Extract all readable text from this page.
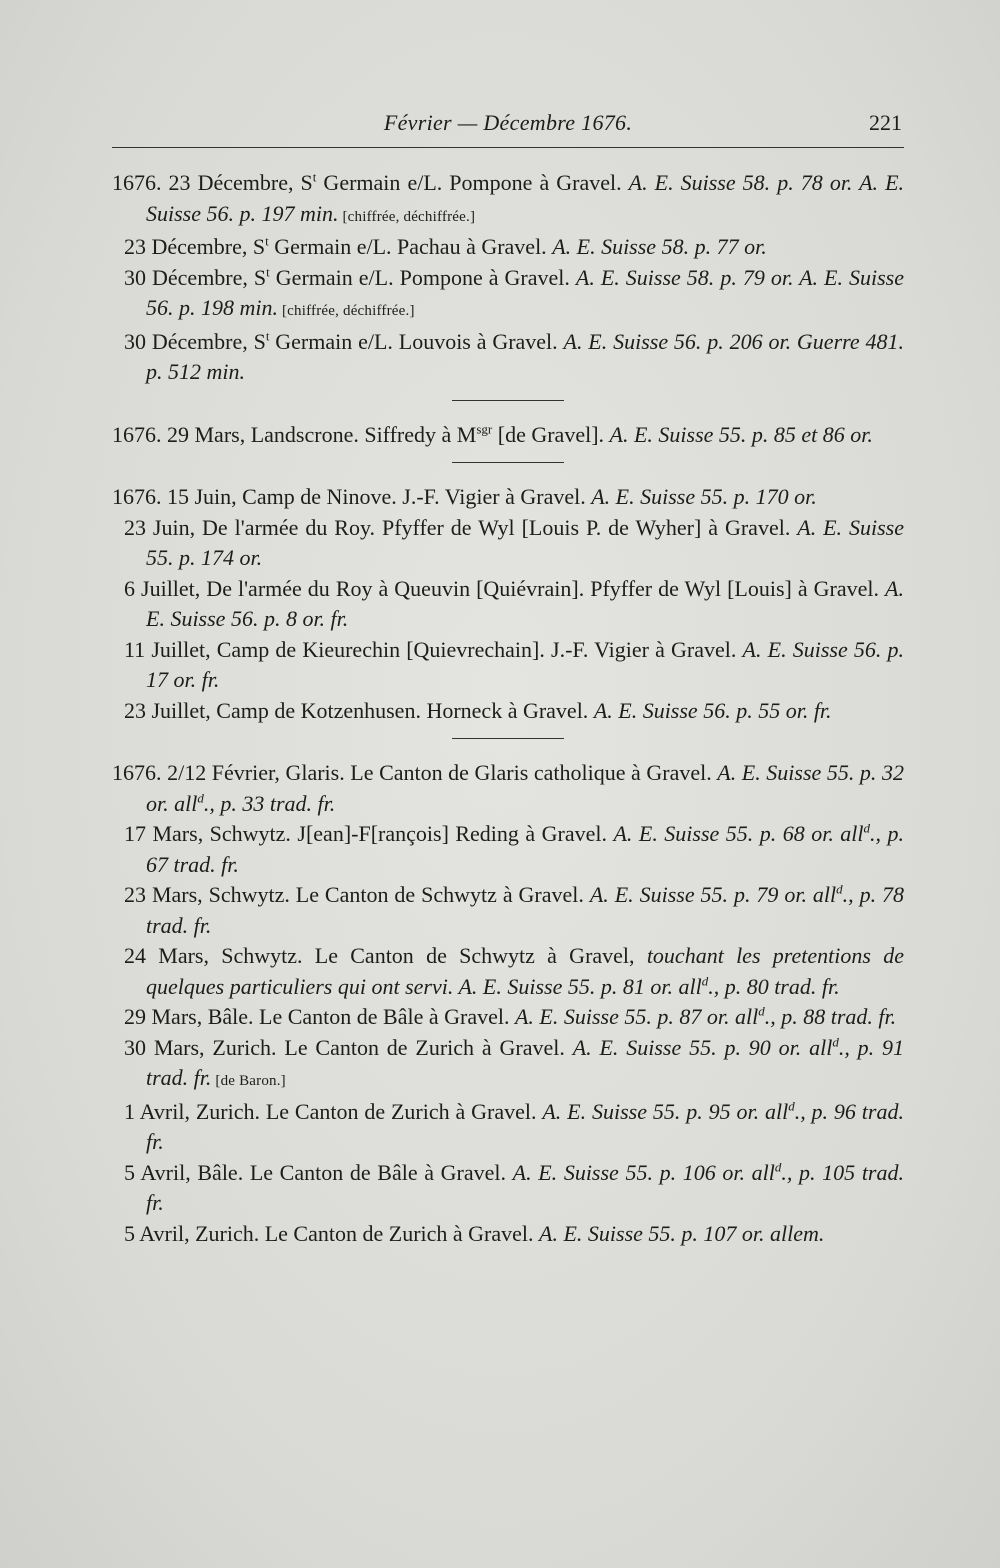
Février — Décembre 1676.	221

1676. 23 Décembre, $S^t$ Germain e/L. Pompone à Gravel. A. E. Suisse 58. p. 78 or. A. E. Suisse 56. p. 197 min. [chiffrée, déchiffrée.]

23 Décembre, $S^t$ Germain e/L. Pachau à Gravel. A. E. Suisse 58. p. 77 or.

30 Décembre, $S^t$ Germain e/L. Pompone à Gravel. A. E. Suisse 58. p. 79 or. A. E. Suisse 56. p. 198 min. [chiffrée, déchiffrée.]

30 Décembre, $S^t$ Germain e/L. Louvois à Gravel. A. E. Suisse 56. p. 206 or. Guerre 481. p. 512 min.

1676. 29 Mars, Landscrone. Siffredy à $M^{sgr}$ [de Gravel]. A. E. Suisse 55. p. 85 et 86 or.

1676. 15 Juin, Camp de Ninove. J.-F. Vigier à Gravel. A. E. Suisse 55. p. 170 or.

23 Juin, De l'armée du Roy. Pfyffer de Wyl [Louis P. de Wyher] à Gravel. A. E. Suisse 55. p. 174 or.

6 Juillet, De l'armée du Roy à Queuvin [Quiévrain]. Pfyffer de Wyl [Louis] à Gravel. A. E. Suisse 56. p. 8 or. fr.

11 Juillet, Camp de Kieurechin [Quievrechain]. J.-F. Vigier à Gravel. A. E. Suisse 56. p. 17 or. fr.

23 Juillet, Camp de Kotzenhusen. Horneck à Gravel. A. E. Suisse 56. p. 55 or. fr.

1676. 2/12 Février, Glaris. Le Canton de Glaris catholique à Gravel. A. E. Suisse 55. p. 32 or. all$^d$., p. 33 trad. fr.

17 Mars, Schwytz. J[ean]-F[rançois] Reding à Gravel. A. E. Suisse 55. p. 68 or. all$^d$., p. 67 trad. fr.

23 Mars, Schwytz. Le Canton de Schwytz à Gravel. A. E. Suisse 55. p. 79 or. all$^d$., p. 78 trad. fr.

24 Mars, Schwytz. Le Canton de Schwytz à Gravel, touchant les pretentions de quelques particuliers qui ont servi. A. E. Suisse 55. p. 81 or. all$^d$., p. 80 trad. fr.

29 Mars, Bâle. Le Canton de Bâle à Gravel. A. E. Suisse 55. p. 87 or. all$^d$., p. 88 trad. fr.

30 Mars, Zurich. Le Canton de Zurich à Gravel. A. E. Suisse 55. p. 90 or. all$^d$., p. 91 trad. fr. [de Baron.]

1 Avril, Zurich. Le Canton de Zurich à Gravel. A. E. Suisse 55. p. 95 or. all$^d$., p. 96 trad. fr.

5 Avril, Bâle. Le Canton de Bâle à Gravel. A. E. Suisse 55. p. 106 or. all$^d$., p. 105 trad. fr.

5 Avril, Zurich. Le Canton de Zurich à Gravel. A. E. Suisse 55. p. 107 or. allem.
